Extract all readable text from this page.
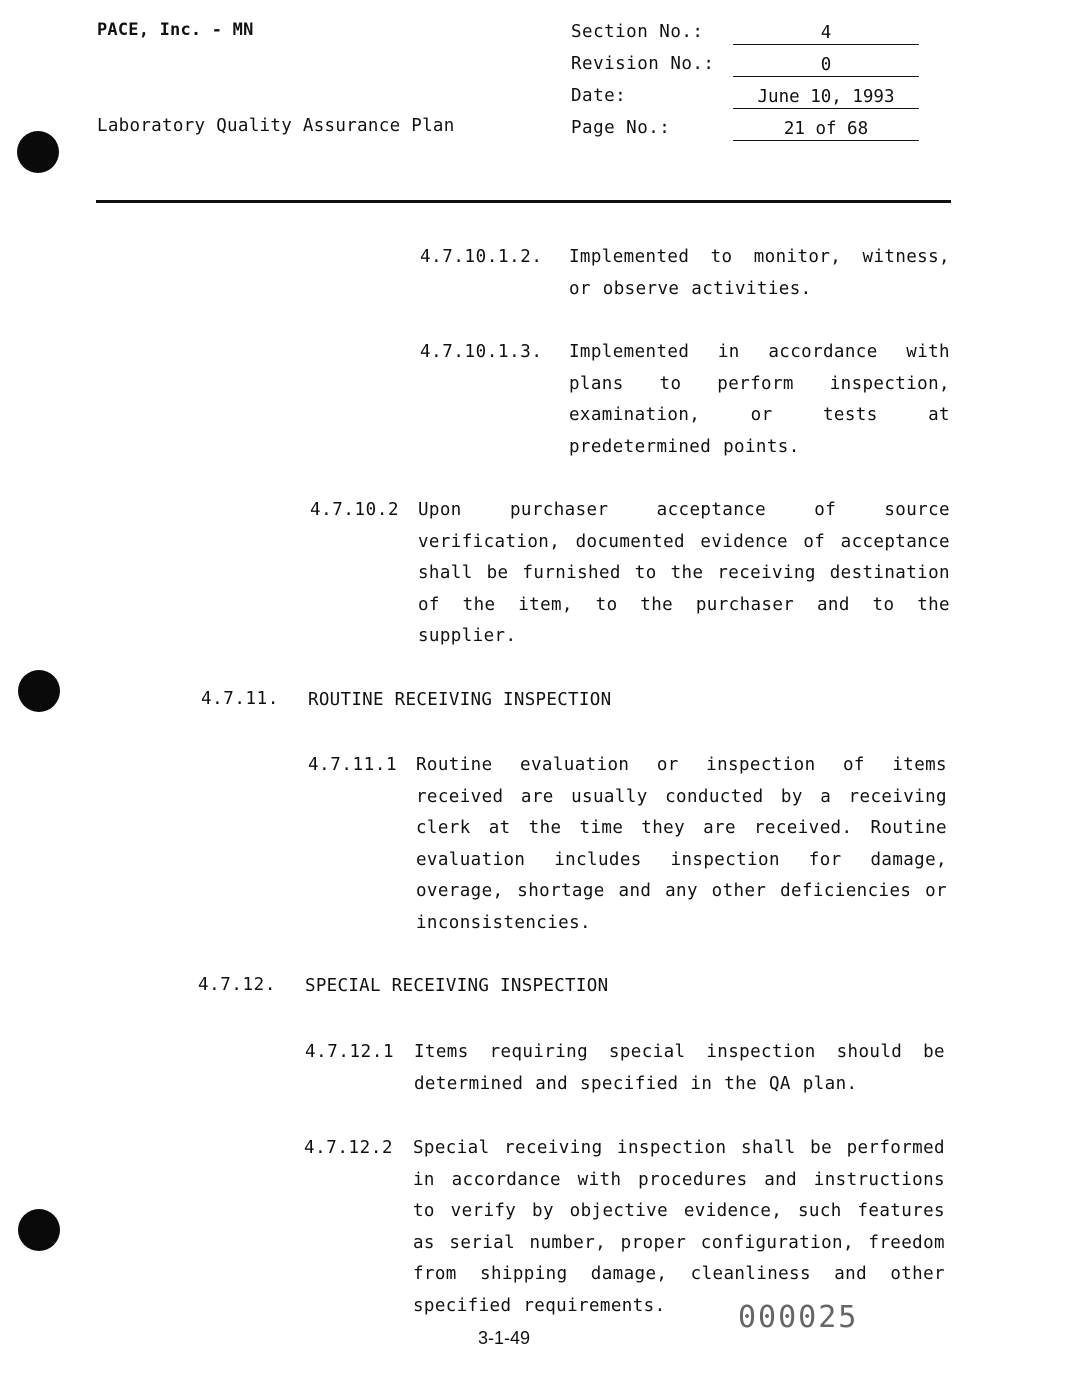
PACE, Inc. - MN
Laboratory Quality Assurance Plan
Section No.:	4
Revision No.:	0
Date:	June 10, 1993
Page No.:	21 of 68
4.7.10.1.2. Implemented to monitor, witness, or observe activities.
4.7.10.1.3. Implemented in accordance with plans to perform inspection, examination, or tests at predetermined points.
4.7.10.2 Upon purchaser acceptance of source verification, documented evidence of acceptance shall be furnished to the receiving destination of the item, to the purchaser and to the supplier.
4.7.11. ROUTINE RECEIVING INSPECTION
4.7.11.1 Routine evaluation or inspection of items received are usually conducted by a receiving clerk at the time they are received. Routine evaluation includes inspection for damage, overage, shortage and any other deficiencies or inconsistencies.
4.7.12. SPECIAL RECEIVING INSPECTION
4.7.12.1 Items requiring special inspection should be determined and specified in the QA plan.
4.7.12.2 Special receiving inspection shall be performed in accordance with procedures and instructions to verify by objective evidence, such features as serial number, proper configuration, freedom from shipping damage, cleanliness and other specified requirements.	000025
3-1-49
